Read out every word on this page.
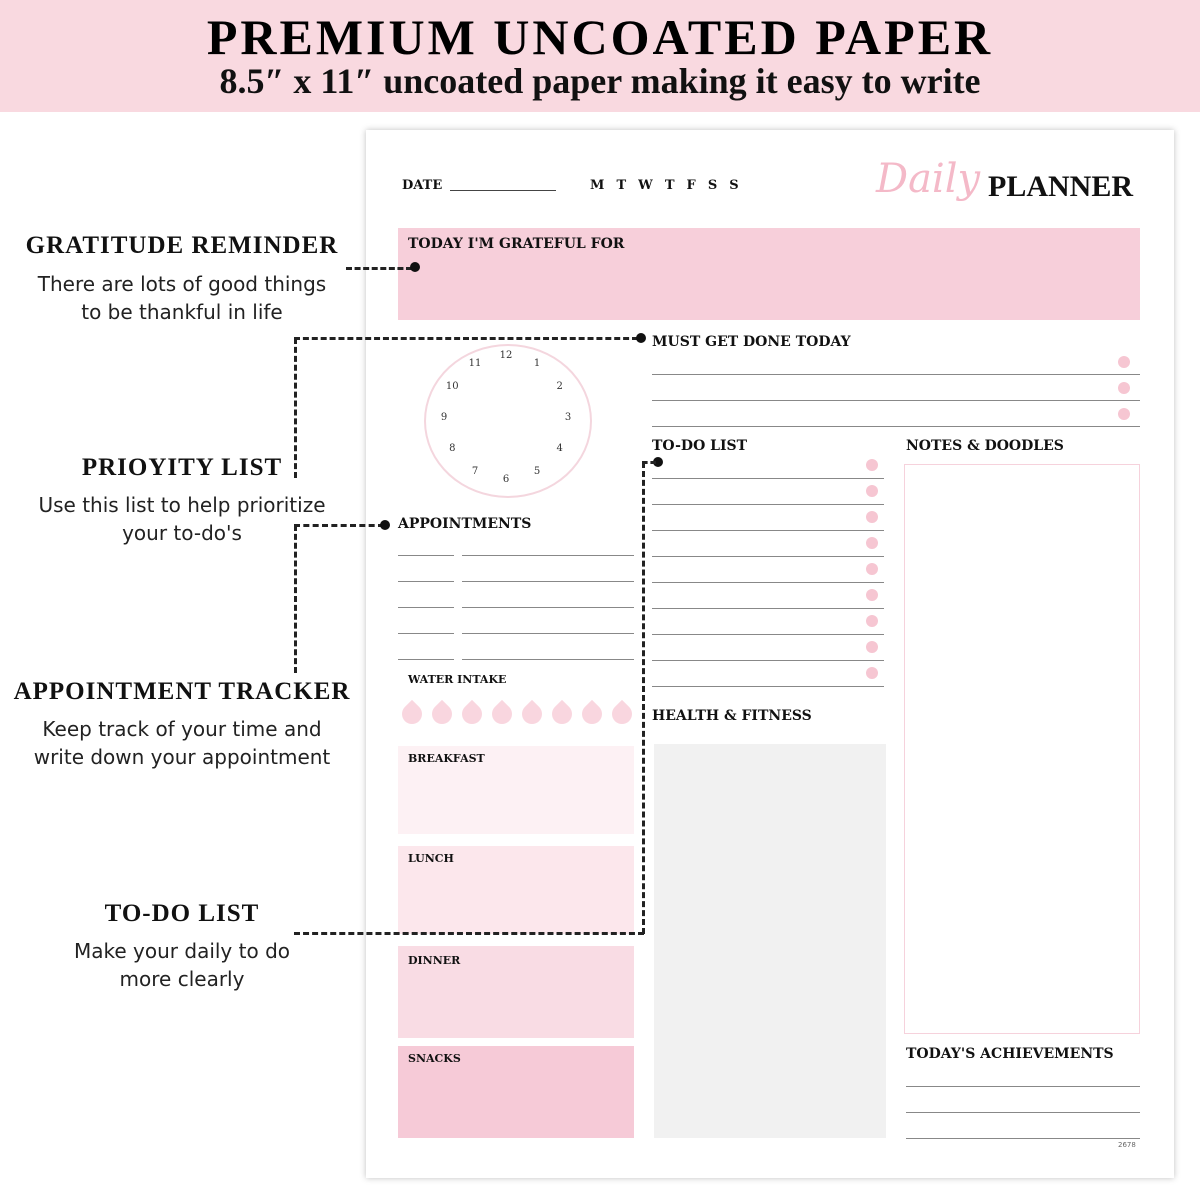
PREMIUM UNCOATED PAPER
8.5″ x 11″ uncoated paper making it easy to write
DATE	M  T  W  T  F  S  S	Daily PLANNER
TODAY I'M GRATEFUL FOR
12
1
2
3
4
5
6
7
8
9
10
11
MUST GET DONE TODAY
TO-DO LIST	NOTES & DOODLES
APPOINTMENTS
WATER INTAKE
BREAKFAST
LUNCH
DINNER
SNACKS
HEALTH & FITNESS
TODAY'S ACHIEVEMENTS
2678
GRATITUDE REMINDER
There are lots of good things
to be thankful in life
PRIOYITY LIST
Use this list to help prioritize
your to-do's
APPOINTMENT TRACKER
Keep track of your time and
write down your appointment
TO-DO LIST
Make your daily to do
more clearly
